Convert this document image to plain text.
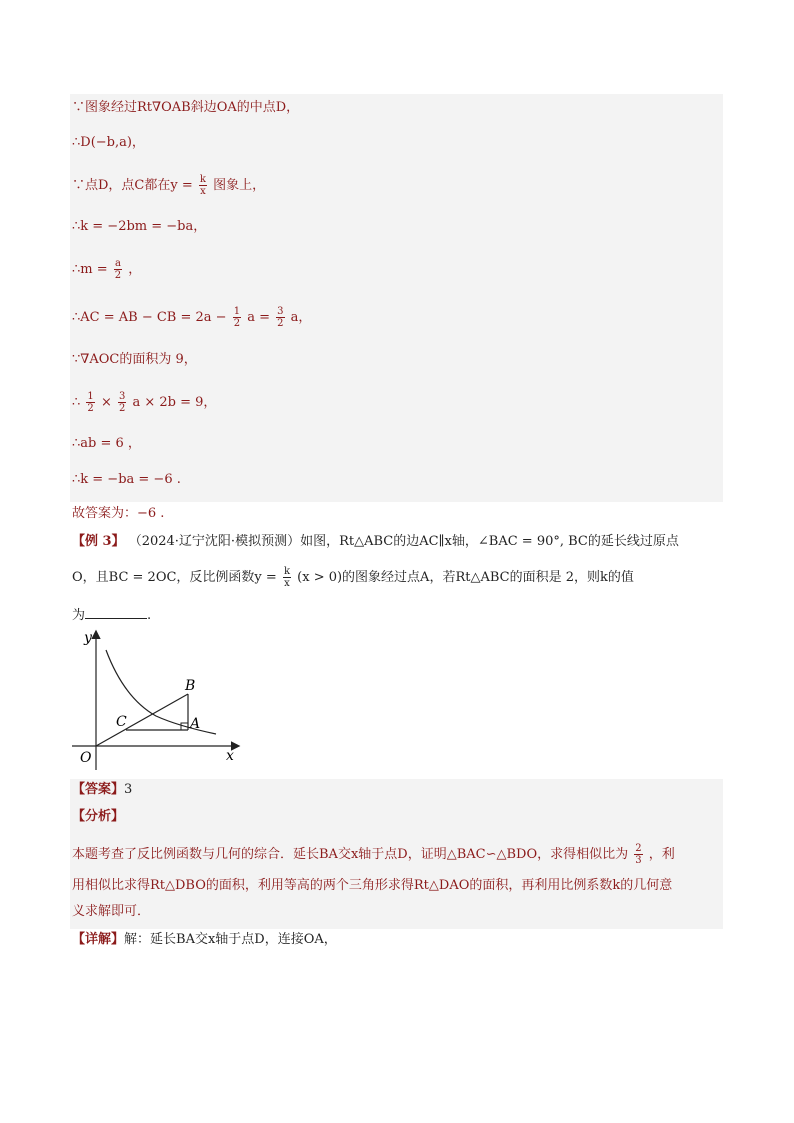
∵图象经过Rt∇OAB斜边OA的中点D，
∴D(−b,a)，
∵点D，点C都在$y = \frac{k}{x}$ 图象上，
∴k = −2bm = −ba，
∴m = $\frac{a}{2}$ ，
∴AC = AB − CB = $2a - \frac{1}{2}$ $a = \frac{3}{2}$ a，
∵∇AOC的面积为 9，
∴ $\frac{1}{2} \times \frac{3}{2}$ a × 2b = 9，
∴ab = 6 ，
∴k = −ba = −6 .
故答案为：−6 .
【例 3】 （2024·辽宁沈阳·模拟预测）如图，Rt△ABC的边AC∥x轴，∠BAC = 90°, BC的延长线过原点
O，且BC = 2OC，反比例函数$y = \frac{k}{x} (x > 0)$的图象经过点A，若Rt△ABC的面积是 2，则k的值
为	.
y
x
O
B
C	A
【答案】3
【分析】
本题考查了反比例函数与几何的综合．延长BA交x轴于点D，证明△BAC∽△BDO，求得相似比为 $\frac{2}{3}$ ，利
用相似比求得Rt△DBO的面积，利用等高的两个三角形求得Rt△DAO的面积，再利用比例系数k的几何意
义求解即可．
【详解】解：延长BA交x轴于点D，连接OA，
